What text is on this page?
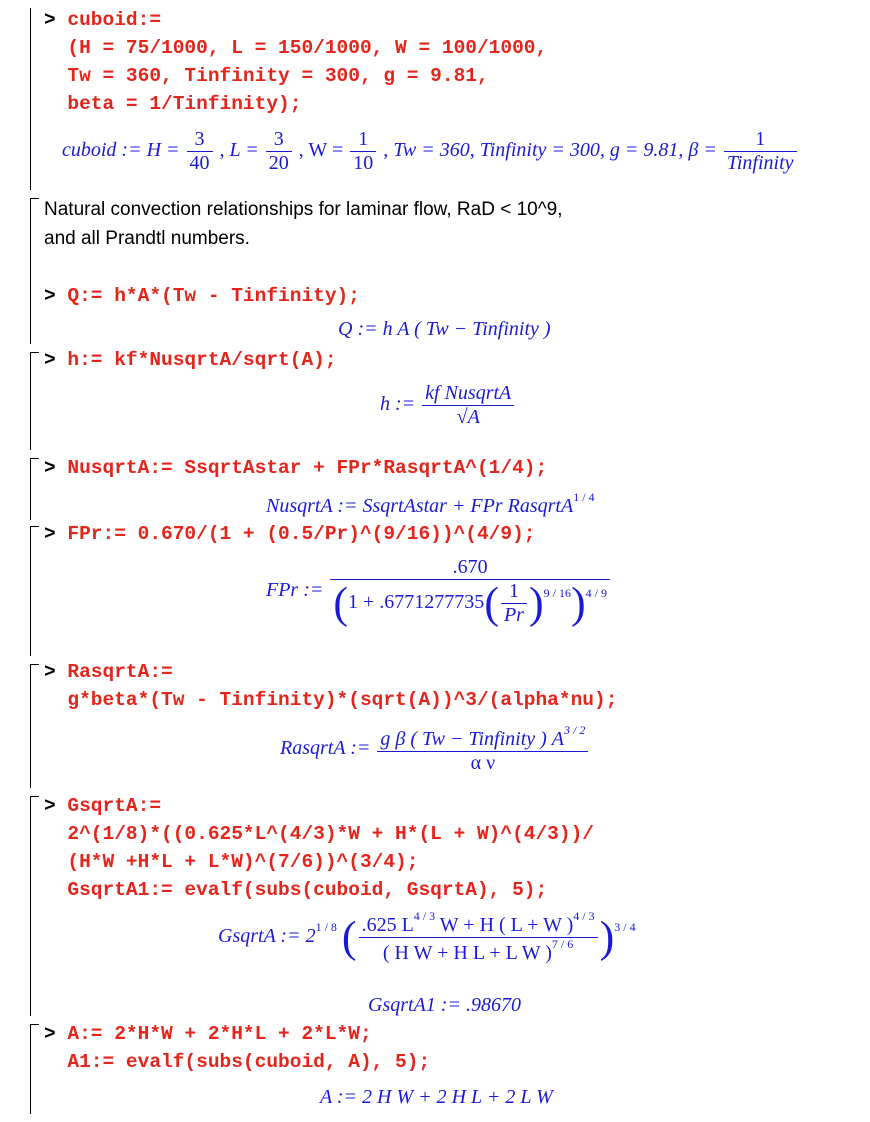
> cuboid:=
(H = 75/1000, L = 150/1000, W = 100/1000,
Tw = 360, Tinfinity = 300, g = 9.81,
beta = 1/Tinfinity);
cuboid := $H = \frac{3}{40}$ , $L = \frac{3}{20}$ , $W = \frac{1}{10}$ , Tw = 360, Tinfinity = 300, g = 9.81, $\beta = \frac{1}{\text{Tinfinity}}$
Natural convection relationships for laminar flow, RaD < 10^9,
and all Prandtl numbers.
> Q:= h*A*(Tw - Tinfinity);
Q := h A ( Tw − Tinfinity )
> h:= kf*NusqrtA/sqrt(A);
h := $\frac{\text{kf NusqrtA}}{√A}$
> NusqrtA:= SsqrtAstar + FPr*RasqrtA^(1/4);
NusqrtA := SsqrtAstar + FPr RasqrtA$^{1 / 4}$
> FPr:= 0.670/(1 + (0.5/Pr)^(9/16))^(4/9);
FPr := $\frac{.670}{(1 + .6771277735( \frac{1}{Pr} )^{9 / 16})^{4 / 9}}$
> RasqrtA:=
g*beta*(Tw - Tinfinity)*(sqrt(A))^3/(alpha*nu);
RasqrtA := $\frac{g \beta ( Tw - Tinfinity ) A^{3 / 2}}{\text{α ν}}$
> GsqrtA:=
2^(1/8)*((0.625*L^(4/3)*W + H*(L + W)^(4/3))/
(H*W +H*L + L*W)^(7/6))^(3/4);
GsqrtA1:= evalf(subs(cuboid, GsqrtA), 5);
GsqrtA := $2^{1 / 8}$ ( $\frac{.625 L^{4 / 3} W + H ( L + W )^{4 / 3}}{( H W + H L + L W )^{7 / 6}} )^{3 / 4}$
GsqrtA1 := .98670
> A:= 2*H*W + 2*H*L + 2*L*W;
A1:= evalf(subs(cuboid, A), 5);
A := 2 H W + 2 H L + 2 L W
